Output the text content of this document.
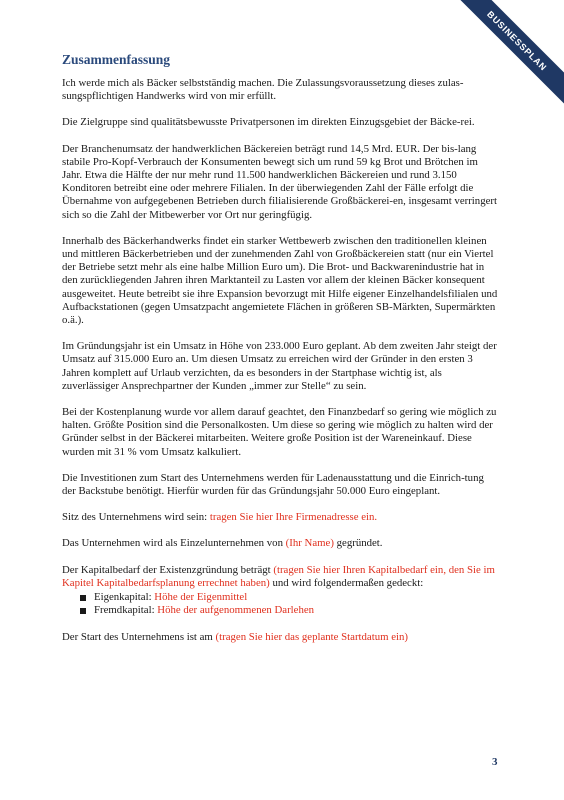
BUSINESSPLAN
Zusammenfassung

Ich werde mich als Bäcker selbstständig machen. Die Zulassungsvoraussetzung dieses zulas-sungspflichtigen Handwerks wird von mir erfüllt.

Die Zielgruppe sind qualitätsbewusste Privatpersonen im direkten Einzugsgebiet der Bäcke-rei.

Der Branchenumsatz der handwerklichen Bäckereien beträgt rund 14,5 Mrd. EUR. Der bis-lang stabile Pro-Kopf-Verbrauch der Konsumenten bewegt sich um rund 59 kg Brot und Brötchen im Jahr. Etwa die Hälfte der nur mehr rund 11.500 handwerklichen Bäckereien und rund 3.150 Konditoren betreibt eine oder mehrere Filialen. In der überwiegenden Zahl der Fälle erfolgt die Übernahme von aufgegebenen Betrieben durch filialisierende Großbäckerei-en, insgesamt verringert sich so die Zahl der Mitbewerber vor Ort nur geringfügig.

Innerhalb des Bäckerhandwerks findet ein starker Wettbewerb zwischen den traditionellen kleinen und mittleren Bäckerbetrieben und der zunehmenden Zahl von Großbäckereien statt (nur ein Viertel der Betriebe setzt mehr als eine halbe Million Euro um). Die Brot- und Backwarenindustrie hat in den zurückliegenden Jahren ihren Marktanteil zu Lasten vor allem der kleinen Bäcker konsequent ausgeweitet. Heute betreibt sie ihre Expansion bevorzugt mit Hilfe eigener Einzelhandelsfilialen und Aufbackstationen (gegen Umsatzpacht angemietete Flächen in größeren SB-Märkten, Supermärkten o.ä.).

Im Gründungsjahr ist ein Umsatz in Höhe von 233.000 Euro geplant. Ab dem zweiten Jahr steigt der Umsatz auf 315.000 Euro an. Um diesen Umsatz zu erreichen wird der Gründer in den ersten 3 Jahren komplett auf Urlaub verzichten, da es besonders in der Startphase wichtig ist, als zuverlässiger Ansprechpartner der Kunden „immer zur Stelle“ zu sein.

Bei der Kostenplanung wurde vor allem darauf geachtet, den Finanzbedarf so gering wie möglich zu halten. Größte Position sind die Personalkosten. Um diese so gering wie möglich zu halten wird der Gründer selbst in der Bäckerei mitarbeiten. Weitere große Position ist der Wareneinkauf. Diese wurden mit 31 % vom Umsatz kalkuliert.

Die Investitionen zum Start des Unternehmens werden für Ladenausstattung und die Einrich-tung der Backstube benötigt. Hierfür wurden für das Gründungsjahr 50.000 Euro eingeplant.

Sitz des Unternehmens wird sein: tragen Sie hier Ihre Firmenadresse ein.

Das Unternehmen wird als Einzelunternehmen von (Ihr Name) gegründet.

Der Kapitalbedarf der Existenzgründung beträgt (tragen Sie hier Ihren Kapitalbedarf ein, den Sie im Kapitel Kapitalbedarfsplanung errechnet haben) und wird folgendermaßen gedeckt:

Eigenkapital: Höhe der Eigenmittel
Fremdkapital: Höhe der aufgenommenen Darlehen

Der Start des Unternehmens ist am (tragen Sie hier das geplante Startdatum ein)

3
